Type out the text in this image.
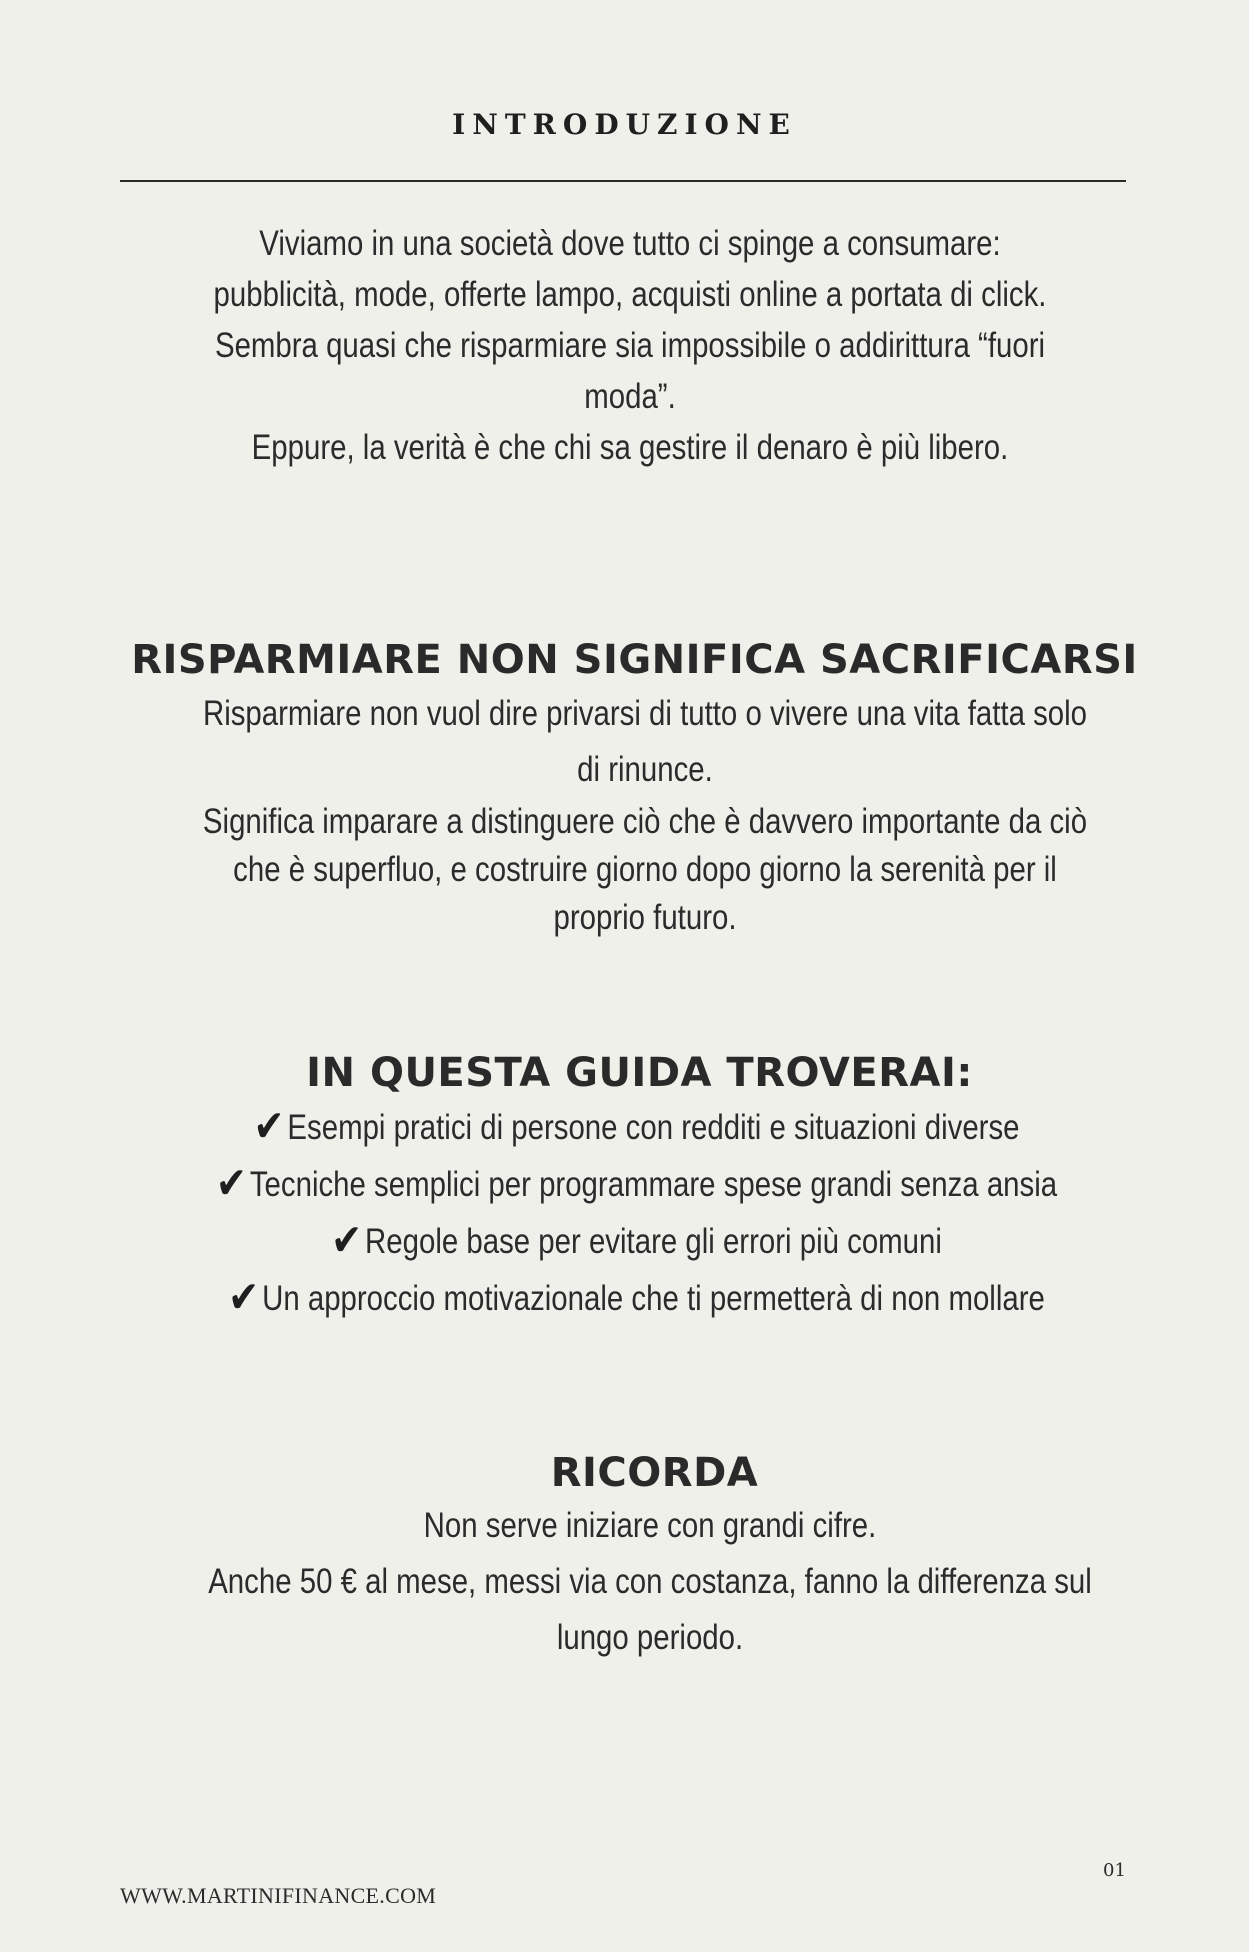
INTRODUZIONE

Viviamo in una società dove tutto ci spinge a consumare:

pubblicità, mode, offerte lampo, acquisti online a portata di click.

Sembra quasi che risparmiare sia impossibile o addirittura “fuori

moda”.

Eppure, la verità è che chi sa gestire il denaro è più libero.

RISPARMIARE NON SIGNIFICA SACRIFICARSI

Risparmiare non vuol dire privarsi di tutto o vivere una vita fatta solo

di rinunce.

Significa imparare a distinguere ciò che è davvero importante da ciò

che è superfluo, e costruire giorno dopo giorno la serenità per il

proprio futuro.

IN QUESTA GUIDA TROVERAI:
✔Esempi pratici di persone con redditi e situazioni diverse
✔Tecniche semplici per programmare spese grandi senza ansia
✔Regole base per evitare gli errori più comuni
✔Un approccio motivazionale che ti permetterà di non mollare
RICORDA

Non serve iniziare con grandi cifre.

Anche 50 € al mese, messi via con costanza, fanno la differenza sul

lungo periodo.

01
WWW.MARTINIFINANCE.COM
